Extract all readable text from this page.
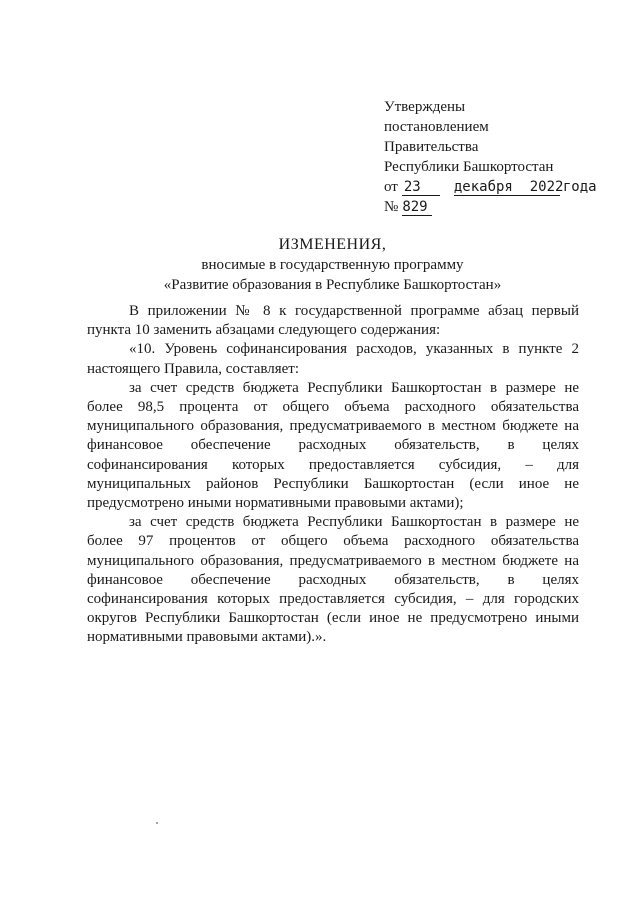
Утверждены
постановлением
Правительства
Республики Башкортостан
от 23 декабря 2022года
№ 829
ИЗМЕНЕНИЯ,
вносимые в государственную программу
«Развитие образования в Республике Башкортостан»

В приложении № 8 к государственной программе абзац первый пункта 10 заменить абзацами следующего содержания:

«10. Уровень софинансирования расходов, указанных в пункте 2 настоящего Правила, составляет:

за счет средств бюджета Республики Башкортостан в размере не более 98,5 процента от общего объема расходного обязательства муниципального образования, предусматриваемого в местном бюджете на финансовое обеспечение расходных обязательств, в целях софинансирования которых предоставляется субсидия, – для муниципальных районов Республики Башкортостан (если иное не предусмотрено иными нормативными правовыми актами);

за счет средств бюджета Республики Башкортостан в размере не более 97 процентов от общего объема расходного обязательства муниципального образования, предусматриваемого в местном бюджете на финансовое обеспечение расходных обязательств, в целях софинансирования которых предоставляется субсидия, – для городских округов Республики Башкортостан (если иное не предусмотрено иными нормативными правовыми актами).».
